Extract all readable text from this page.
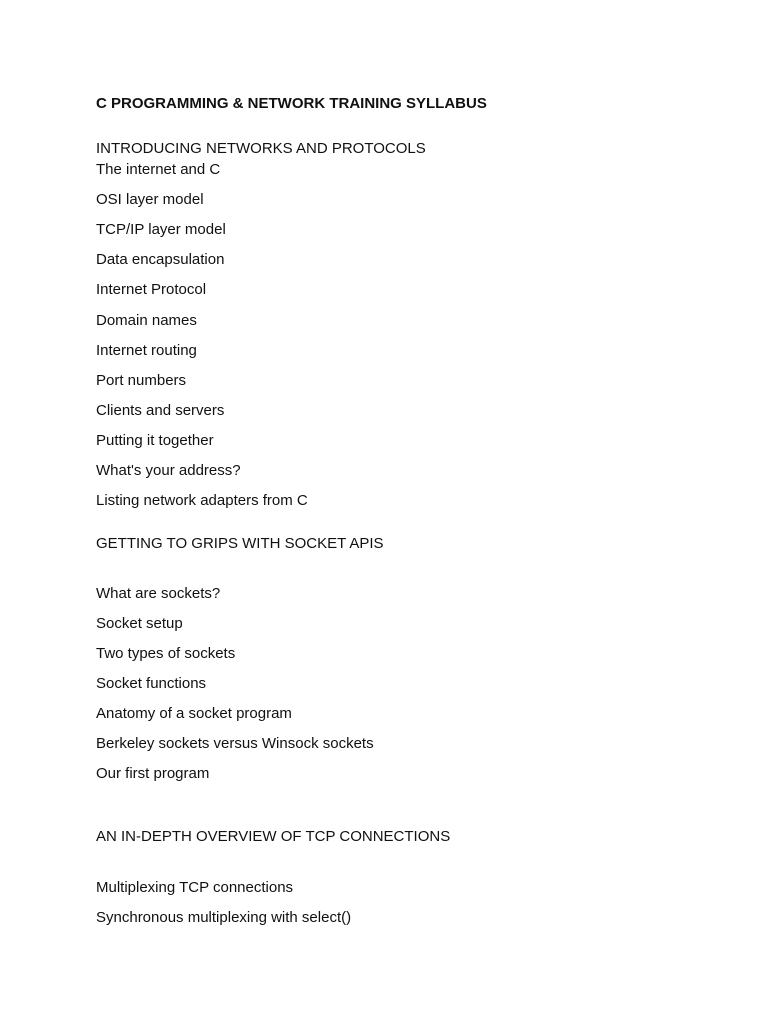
C PROGRAMMING & NETWORK TRAINING SYLLABUS
INTRODUCING NETWORKS AND PROTOCOLS
The internet and C
OSI layer model
TCP/IP layer model
Data encapsulation
Internet Protocol
Domain names
Internet routing
Port numbers
Clients and servers
Putting it together
What's your address?
Listing network adapters from C
GETTING TO GRIPS WITH SOCKET APIS
What are sockets?
Socket setup
Two types of sockets
Socket functions
Anatomy of a socket program
Berkeley sockets versus Winsock sockets
Our first program
AN IN-DEPTH OVERVIEW OF TCP CONNECTIONS
Multiplexing TCP connections
Synchronous multiplexing with select()
